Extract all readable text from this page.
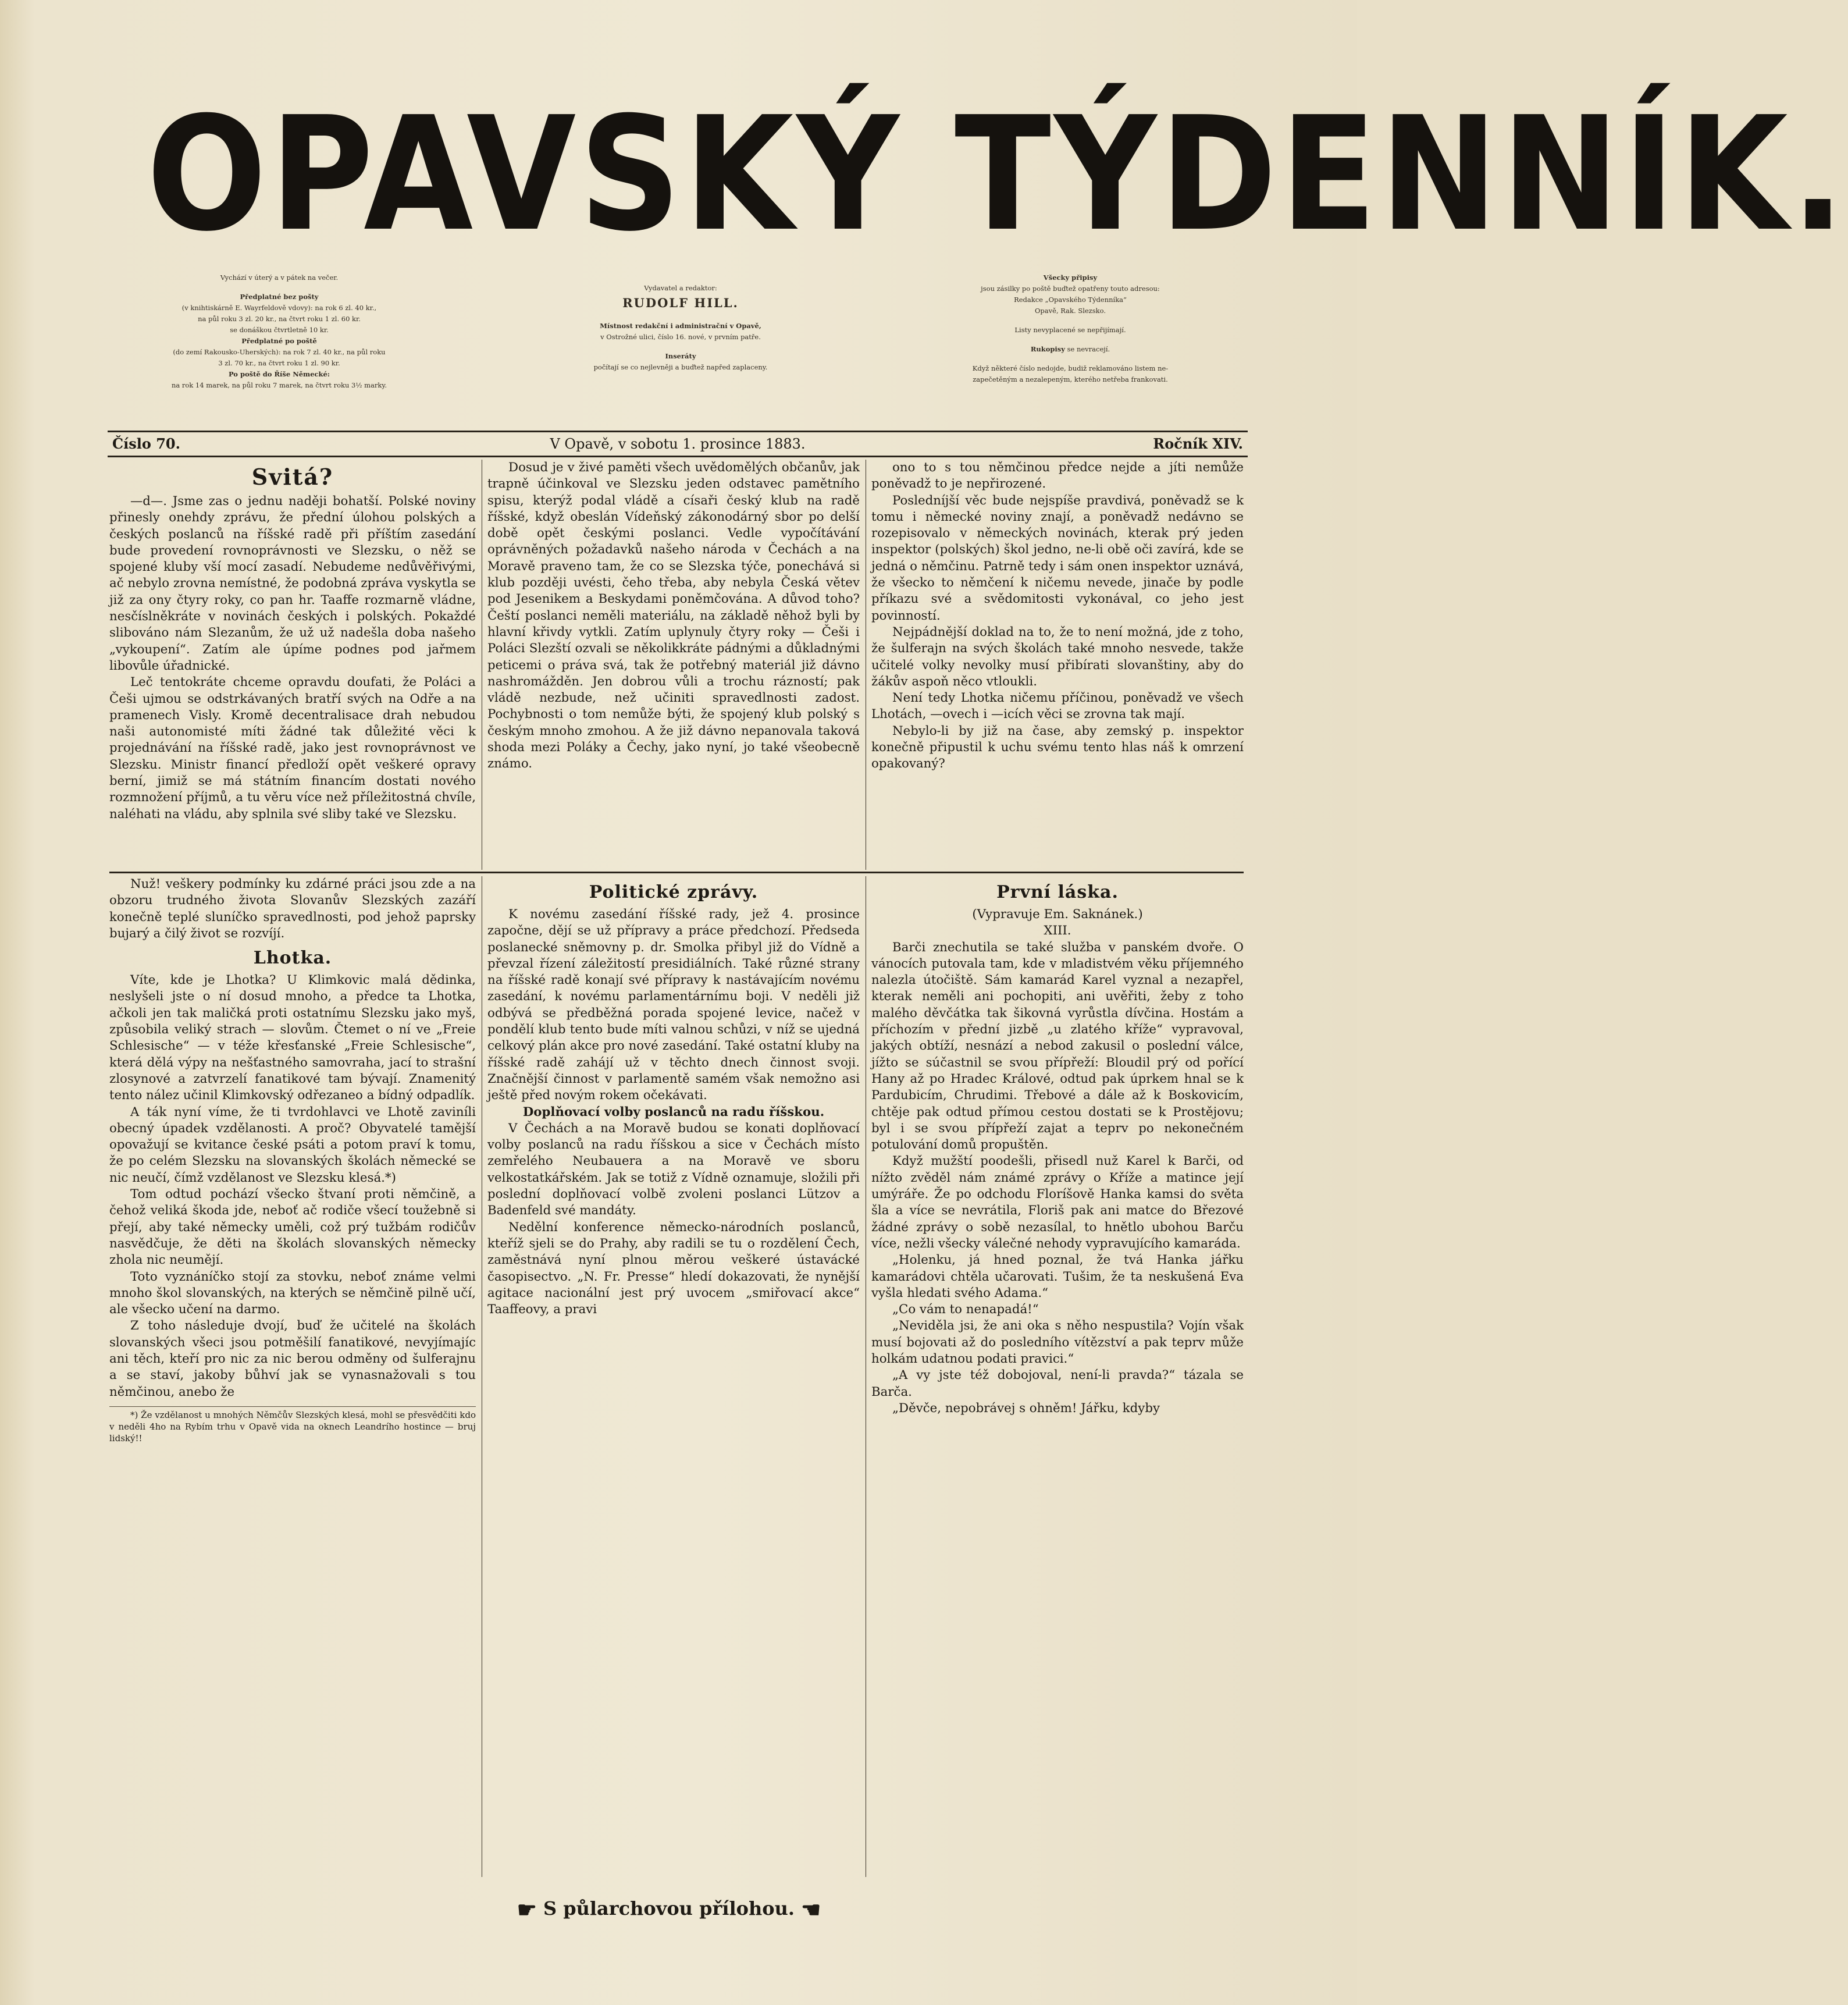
OPAVSKÝ TÝDENNÍK.
Vychází v úterý a v pátek na večer.
Předplatné bez pošty
(v knihtiskárně E. Wayrfeldově vdovy): na rok 6 zl. 40 kr.,
na půl roku 3 zl. 20 kr., na čtvrt roku 1 zl. 60 kr.
se donáškou čtvrtletně 10 kr.
Předplatné po poště
(do zemí Rakousko-Uherských): na rok 7 zl. 40 kr., na půl roku
3 zl. 70 kr., na čtvrt roku 1 zl. 90 kr.
Po poště do Říše Německé:
na rok 14 marek, na půl roku 7 marek, na čtvrt roku 3½ marky.
Vydavatel a redaktor:
RUDOLF HILL.
Místnost redakční i administrační v Opavě,
v Ostrožné ulici, číslo 16. nové, v prvním patře.
Inseráty
počítají se co nejlevněji a buďtež napřed zaplaceny.
Všecky připisy
jsou zásilky po poště buďtež opatřeny touto adresou:
Redakce „Opavského Týdenníka“
Opavě, Rak. Slezsko.
Listy nevyplacené se nepřijímají.
Rukopisy se nevracejí.
Když některé číslo nedojde, budiž reklamováno listem ne-
zapečetěným a nezalepeným, kterého netřeba frankovati.
Číslo 70.	V Opavě, v sobotu 1. prosince 1883.	Ročník XIV.
Svitá?

—d—. Jsme zas o jednu naději bohatší. Polské noviny přinesly onehdy zprávu, že přední úlohou polských a českých poslanců na říšské radě při příštím zasedání bude provedení rovnoprávnosti ve Slezsku, o něž se spojené kluby vší mocí zasadí. Nebudeme nedůvěřivými, ač nebylo zrovna nemístné, že podobná zpráva vyskytla se již za ony čtyry roky, co pan hr. Taaffe rozmarně vládne, nesčíslněkráte v novinách českých i polských. Pokaždé slibováno nám Slezanům, že už už nadešla doba našeho „vykoupení“. Zatím ale úpíme podnes pod jařmem libovůle úřadnické.

Leč tentokráte chceme opravdu doufati, že Poláci a Češi ujmou se odstrkávaných bratří svých na Odře a na pramenech Visly. Kromě decentralisace drah nebudou naši autonomisté míti žádné tak důležité věci k projednávání na říšské radě, jako jest rovnoprávnost ve Slezsku. Ministr financí předloží opět veškeré opravy berní, jimiž se má státním financím dostati nového rozmnožení příjmů, a tu věru více než příležitostná chvíle, naléhati na vládu, aby splnila své sliby také ve Slezsku.

Dosud je v živé paměti všech uvědomělých občanův, jak trapně účinkoval ve Slezsku jeden odstavec pamětního spisu, kterýž podal vládě a císaři český klub na radě říšské, když obeslán Vídeňský zákonodárný sbor po delší době opět českými poslanci. Vedle vypočítávání oprávněných požadavků našeho národa v Čechách a na Moravě praveno tam, že co se Slezska týče, ponechává si klub později uvésti, čeho třeba, aby nebyla Česká větev pod Jesenikem a Beskydami poněmčována. A důvod toho? Čeští poslanci neměli materiálu, na základě něhož byli by hlavní křivdy vytkli. Zatím uplynuly čtyry roky — Češi i Poláci Slezští ozvali se několikkráte pádnými a důkladnými peticemi o práva svá, tak že potřebný materiál již dávno nashromážděn. Jen dobrou vůli a trochu rázností; pak vládě nezbude, než učiniti spravedlnosti zadost. Pochybnosti o tom nemůže býti, že spojený klub polský s českým mnoho zmohou. A že již dávno nepanovala taková shoda mezi Poláky a Čechy, jako nyní, jo také všeobecně známo.

ono to s tou němčinou předce nejde a jíti nemůže poněvadž to je nepřirozené.

Posledníjší věc bude nejspíše pravdivá, poněvadž se k tomu i německé noviny znají, a poněvadž nedávno se rozepisovalo v německých novinách, kterak prý jeden inspektor (polských) škol jedno, ne-li obě oči zavírá, kde se jedná o němčinu. Patrně tedy i sám onen inspektor uznává, že všecko to němčení k ničemu nevede, jinače by podle příkazu své a svědomitosti vykonával, co jeho jest povinností.

Nejpádnější doklad na to, že to není možná, jde z toho, že šulferajn na svých školách také mnoho nesvede, takže učitelé volky nevolky musí přibírati slovanštiny, aby do žákův aspoň něco vtloukli.

Není tedy Lhotka ničemu příčinou, poněvadž ve všech Lhotách, —ovech i —icích věci se zrovna tak mají.

Nebylo-li by již na čase, aby zemský p. inspektor konečně připustil k uchu svému tento hlas náš k omrzení opakovaný?

Nuž! veškery podmínky ku zdárné práci jsou zde a na obzoru trudného života Slovanův Slezských zazáří konečně teplé sluníčko spravedlnosti, pod jehož paprsky bujarý a čilý život se rozvíjí.

Lhotka.

Víte, kde je Lhotka? U Klimkovic malá dědinka, neslyšeli jste o ní dosud mnoho, a předce ta Lhotka, ačkoli jen tak maličká proti ostatnímu Slezsku jako myš, způsobila veliký strach — slovům. Čtemet o ní ve „Freie Schlesische“ — v téže křesťanské „Freie Schlesische“, která dělá výpy na nešťastného samovraha, jací to strašní zlosynové a zatvrzelí fanatikové tam bývají. Znamenitý tento nález učinil Klimkovský odřezaneo a bídný odpadlík.

A ták nyní víme, že ti tvrdohlavci ve Lhotě zaviníli obecný úpadek vzdělanosti. A proč? Obyvatelé tamější opovažují se kvitance české psáti a potom praví k tomu, že po celém Slezsku na slovanských školách německé se nic neučí, čímž vzdělanost ve Slezsku klesá.*)

Tom odtud pochází všecko štvaní proti němčině, a čehož veliká škoda jde, neboť ač rodiče všecí toužebně si přejí, aby také německy uměli, což prý tužbám rodičův nasvědčuje, že děti na školách slovanských německy zhola nic neumějí.

Toto vyznáníčko stojí za stovku, neboť známe velmi mnoho škol slovanských, na kterých se němčině pilně učí, ale všecko učení na darmo.

Z toho následuje dvojí, buď že učitelé na školách slovanských všeci jsou potměšilí fanatikové, nevyjímajíc ani těch, kteří pro nic za nic berou odměny od šulferajnu a se staví, jakoby bůhví jak se vynasnažovali s tou němčinou, anebo že

*) Že vzdělanost u mnohých Němčův Slezských klesá, mohl se přesvědčiti kdo v neděli 4ho na Rybím trhu v Opavě vida na oknech Leandrího hostince — bruj lidský!!

Politické zprávy.

K novému zasedání říšské rady, jež 4. prosince započne, dějí se už přípravy a práce předchozí. Předseda poslanecké sněmovny p. dr. Smolka přibyl již do Vídně a převzal řízení záležitostí presidiálních. Také různé strany na říšské radě konají své přípravy k nastávajícím novému zasedání, k novému parlamentárnímu boji. V neděli již odbývá se předběžná porada spojené levice, načež v pondělí klub tento bude míti valnou schůzi, v níž se ujedná celkový plán akce pro nové zasedání. Také ostatní kluby na říšské radě zahájí už v těchto dnech činnost svoji. Značnější činnost v parlamentě samém však nemožno asi ještě před novým rokem očekávati.

Doplňovací volby poslanců na radu říšskou.

V Čechách a na Moravě budou se konati doplňovací volby poslanců na radu říšskou a sice v Čechách místo zemřelého Neubauera a na Moravě ve sboru velkostatkářském. Jak se totiž z Vídně oznamuje, složili při poslední doplňovací volbě zvoleni poslanci Lützov a Badenfeld své mandáty.

Nedělní konference německo-národních poslanců, kteříž sjeli se do Prahy, aby radili se tu o rozdělení Čech, zaměstnává nyní plnou měrou veškeré ústavácké časopisectvo. „N. Fr. Presse“ hledí dokazovati, že nynější agitace nacionální jest prý uvocem „smiřovací akce“ Taaffeovy, a pravi

První láska.
(Vypravuje Em. Saknánek.)
XIII.

Barči znechutila se také služba v panském dvoře. O vánocích putovala tam, kde v mladistvém věku příjemného nalezla útočiště. Sám kamarád Karel vyznal a nezapřel, kterak neměli ani pochopiti, ani uvěřiti, žeby z toho malého děvčátka tak šikovná vyrůstla dívčina. Hostám a příchozím v přední jizbě „u zlatého kříže“ vypravoval, jakých obtíží, nesnází a nebod zakusil o poslední válce, jížto se súčastnil se svou přípřeží: Bloudil prý od pořící Hany až po Hradec Králové, odtud pak úprkem hnal se k Pardubicím, Chrudimi. Třebové a dále až k Boskovicím, chtěje pak odtud přímou cestou dostati se k Prostějovu; byl i se svou přípřeží zajat a teprv po nekonečném potulování domů propuštěn.

Když mužští poodešli, přisedl nuž Karel k Barči, od nížto zvěděl nám známé zprávy o Kříže a matince její umýráře. Že po odchodu Floríšově Hanka kamsi do světa šla a více se nevrátila, Floriš pak ani matce do Březové žádné zprávy o sobě nezasílal, to hnětlo ubohou Barču více, nežli všecky válečné nehody vypravujícího kamaráda.

„Holenku, já hned poznal, že tvá Hanka jářku kamarádovi chtěla učarovati. Tušim, že ta neskušená Eva vyšla hledati svého Adama.“

„Co vám to nenapadá!“

„Neviděla jsi, že ani oka s něho nespustila? Vojín však musí bojovati až do posledního vítězství a pak teprv může holkám udatnou podati pravici.“

„A vy jste též dobojoval, není-li pravda?“ tázala se Barča.

„Děvče, nepobrávej s ohněm! Jářku, kdyby

☛ S půlarchovou přílohou. ☚
